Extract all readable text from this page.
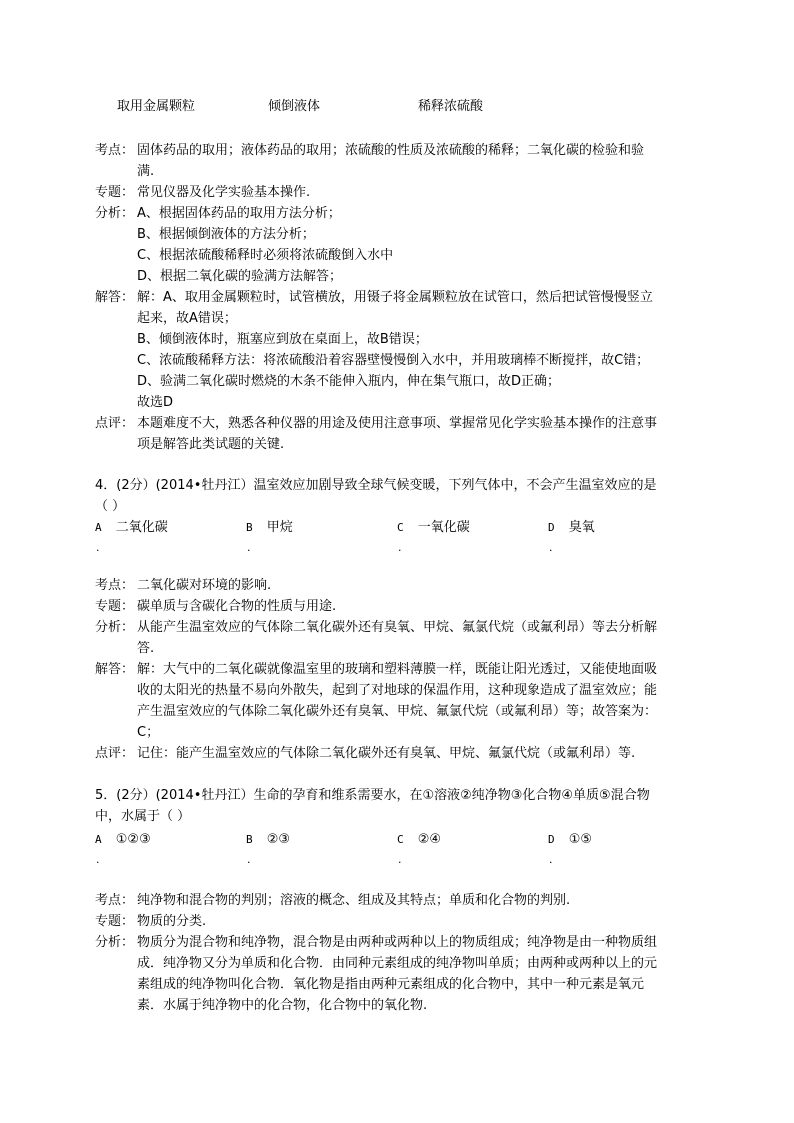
取用金属颗粒	倾倒液体	稀释浓硫酸
考点： 固体药品的取用；液体药品的取用；浓硫酸的性质及浓硫酸的稀释；二氧化碳的检验和验
满.
专题： 常见仪器及化学实验基本操作.
分析： A、根据固体药品的取用方法分析；
B、根据倾倒液体的方法分析；
C、根据浓硫酸稀释时必须将浓硫酸倒入水中
D、根据二氧化碳的验满方法解答；
解答： 解：A、取用金属颗粒时，试管横放，用镊子将金属颗粒放在试管口，然后把试管慢慢竖立
起来，故A错误；
B、倾倒液体时，瓶塞应到放在桌面上，故B错误；
C、浓硫酸稀释方法：将浓硫酸沿着容器壁慢慢倒入水中，并用玻璃棒不断搅拌，故C错；
D、验满二氧化碳时燃烧的木条不能伸入瓶内，伸在集气瓶口，故D正确；
故选D
点评： 本题难度不大，熟悉各种仪器的用途及使用注意事项、掌握常见化学实验基本操作的注意事
项是解答此类试题的关键.
4．(2分）(2014•牡丹江）温室效应加剧导致全球气候变暖，下列气体中，不会产生温室效应的是
（ ）
A 二氧化碳	B 甲烷	C 一氧化碳	D 臭氧
.	.	.	.
考点： 二氧化碳对环境的影响.
专题： 碳单质与含碳化合物的性质与用途.
分析： 从能产生温室效应的气体除二氧化碳外还有臭氧、甲烷、氟氯代烷（或氟利昂）等去分析解
答.
解答： 解：大气中的二氧化碳就像温室里的玻璃和塑料薄膜一样，既能让阳光透过，又能使地面吸
收的太阳光的热量不易向外散失，起到了对地球的保温作用，这种现象造成了温室效应；能
产生温室效应的气体除二氧化碳外还有臭氧、甲烷、氟氯代烷（或氟利昂）等；故答案为：
C；
点评： 记住：能产生温室效应的气体除二氧化碳外还有臭氧、甲烷、氟氯代烷（或氟利昂）等.
5．(2分）(2014•牡丹江）生命的孕育和维系需要水，在①溶液②纯净物③化合物④单质⑤混合物
中，水属于（ ）
A ①②③	B ②③	C ②④	D ①⑤
.	.	.	.
考点： 纯净物和混合物的判别；溶液的概念、组成及其特点；单质和化合物的判别.
专题： 物质的分类.
分析： 物质分为混合物和纯净物，混合物是由两种或两种以上的物质组成；纯净物是由一种物质组
成．纯净物又分为单质和化合物．由同种元素组成的纯净物叫单质；由两种或两种以上的元
素组成的纯净物叫化合物．氧化物是指由两种元素组成的化合物中，其中一种元素是氧元
素．水属于纯净物中的化合物，化合物中的氧化物.
